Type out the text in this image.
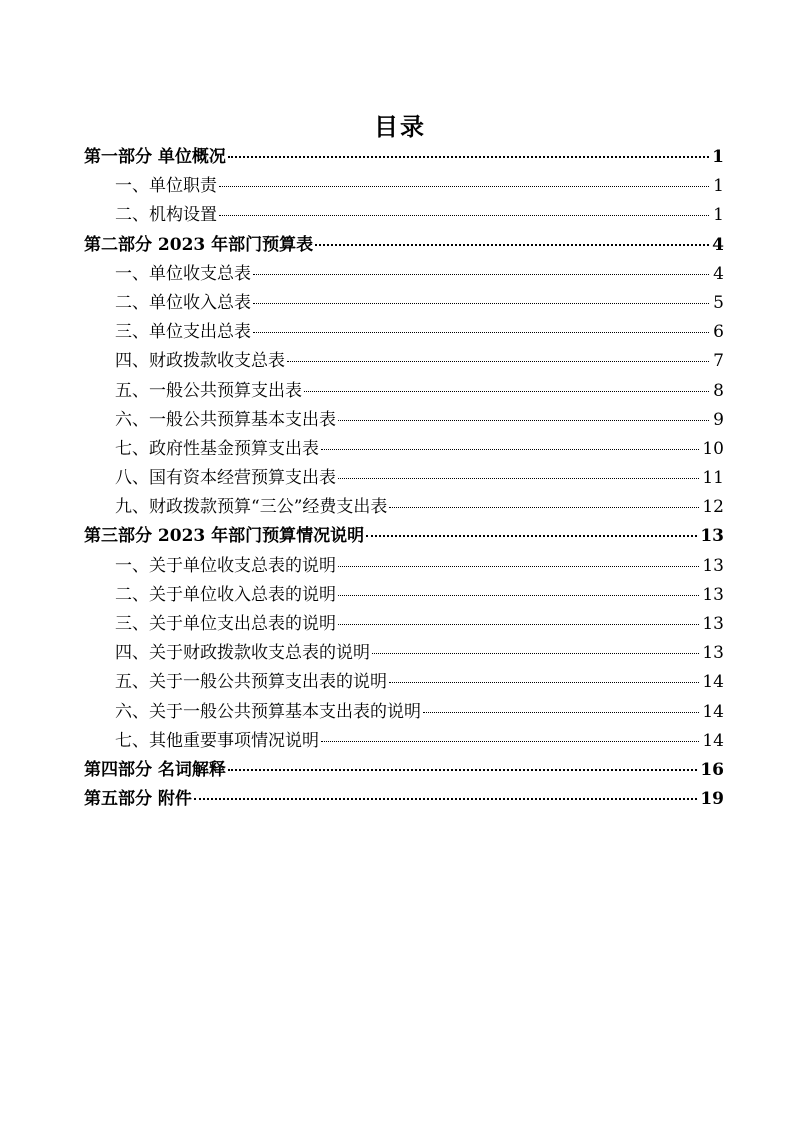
目录
第一部分 单位概况	1
一、单位职责	1
二、机构设置	1
第二部分 2023 年部门预算表	4
一、单位收支总表	4
二、单位收入总表	5
三、单位支出总表	6
四、财政拨款收支总表	7
五、一般公共预算支出表	8
六、一般公共预算基本支出表	9
七、政府性基金预算支出表	10
八、国有资本经营预算支出表	11
九、财政拨款预算“三公”经费支出表	12
第三部分 2023 年部门预算情况说明	13
一、关于单位收支总表的说明	13
二、关于单位收入总表的说明	13
三、关于单位支出总表的说明	13
四、关于财政拨款收支总表的说明	13
五、关于一般公共预算支出表的说明	14
六、关于一般公共预算基本支出表的说明	14
七、其他重要事项情况说明	14
第四部分 名词解释	16
第五部分 附件	19
